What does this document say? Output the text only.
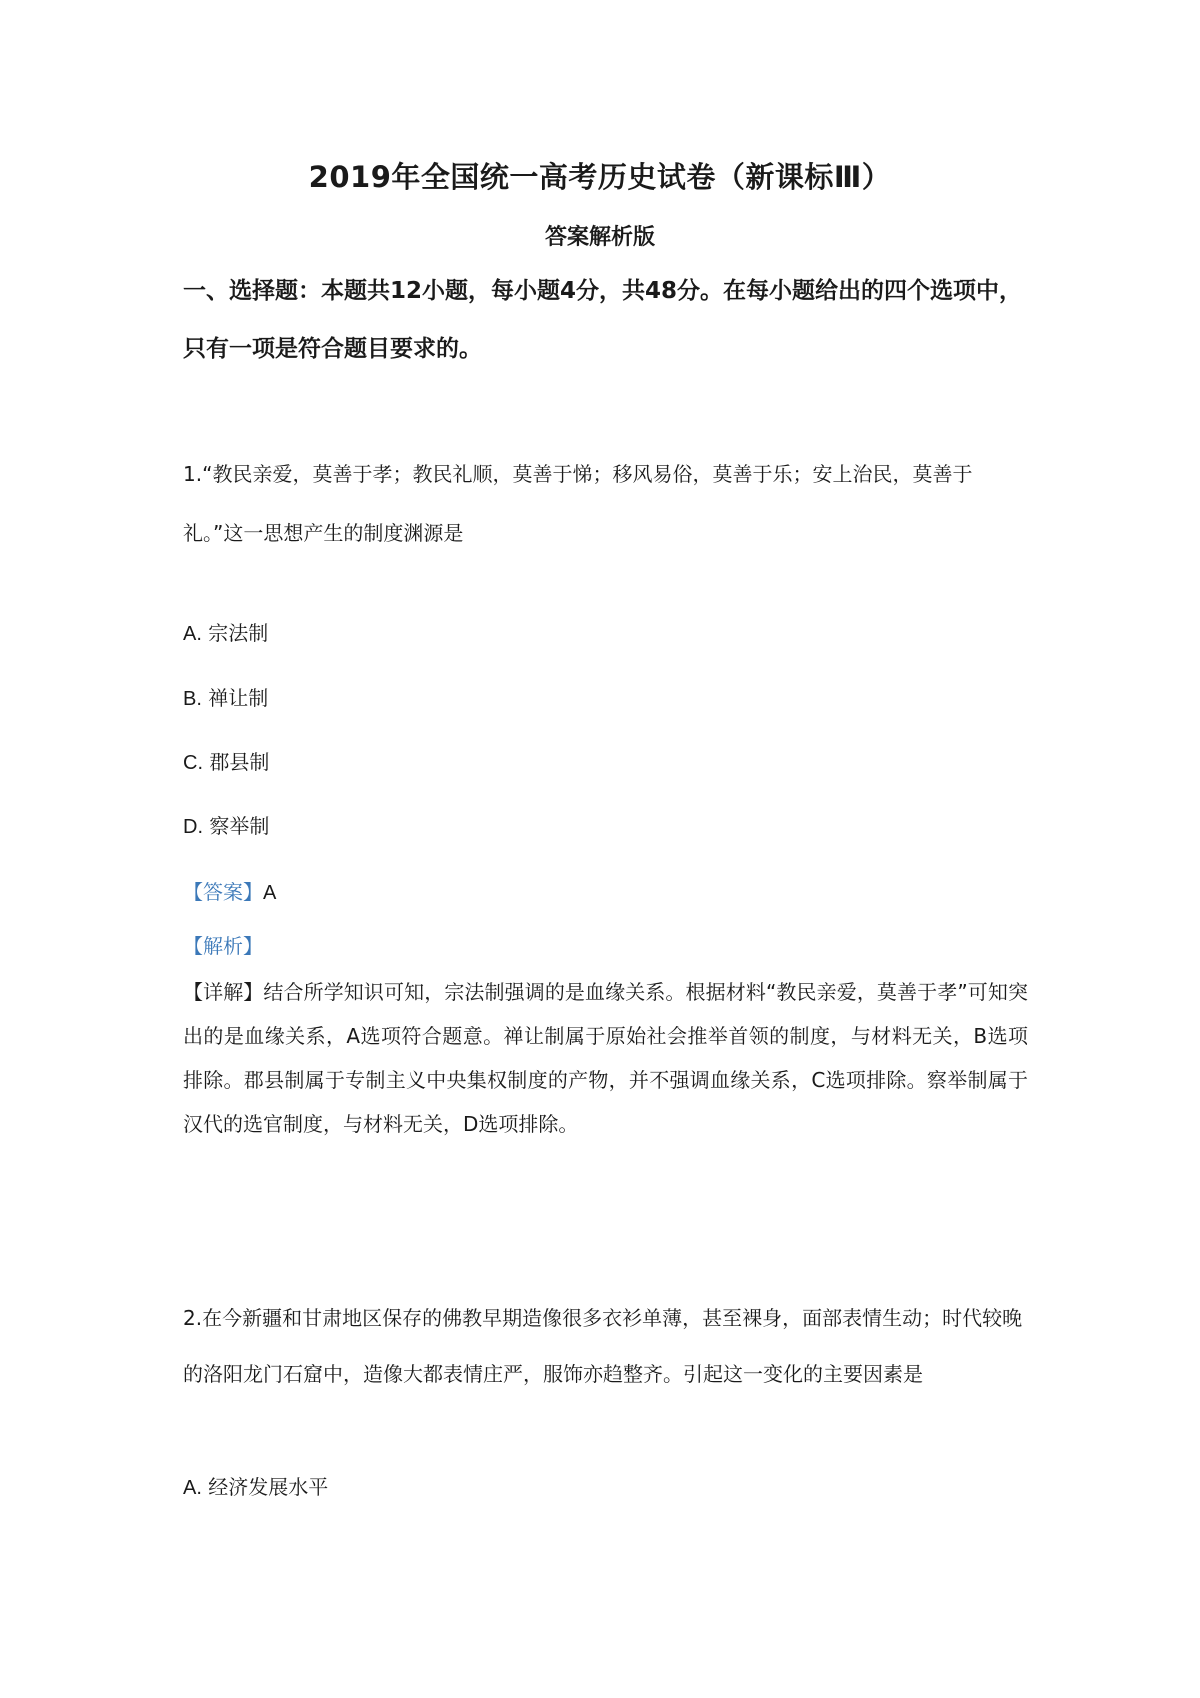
2019年全国统一高考历史试卷（新课标Ⅲ）
答案解析版
一、选择题：本题共12小题，每小题4分，共48分。在每小题给出的四个选项中，只有一项是符合题目要求的。
1.“教民亲爱，莫善于孝；教民礼顺，莫善于悌；移风易俗，莫善于乐；安上治民，莫善于礼。”这一思想产生的制度渊源是
A. 宗法制
B. 禅让制
C. 郡县制
D. 察举制
【答案】A
【解析】
【详解】结合所学知识可知，宗法制强调的是血缘关系。根据材料“教民亲爱，莫善于孝”可知突出的是血缘关系，A选项符合题意。禅让制属于原始社会推举首领的制度，与材料无关，B选项排除。郡县制属于专制主义中央集权制度的产物，并不强调血缘关系，C选项排除。察举制属于汉代的选官制度，与材料无关，D选项排除。
2.在今新疆和甘肃地区保存的佛教早期造像很多衣衫单薄，甚至裸身，面部表情生动；时代较晚的洛阳龙门石窟中，造像大都表情庄严，服饰亦趋整齐。引起这一变化的主要因素是
A. 经济发展水平
